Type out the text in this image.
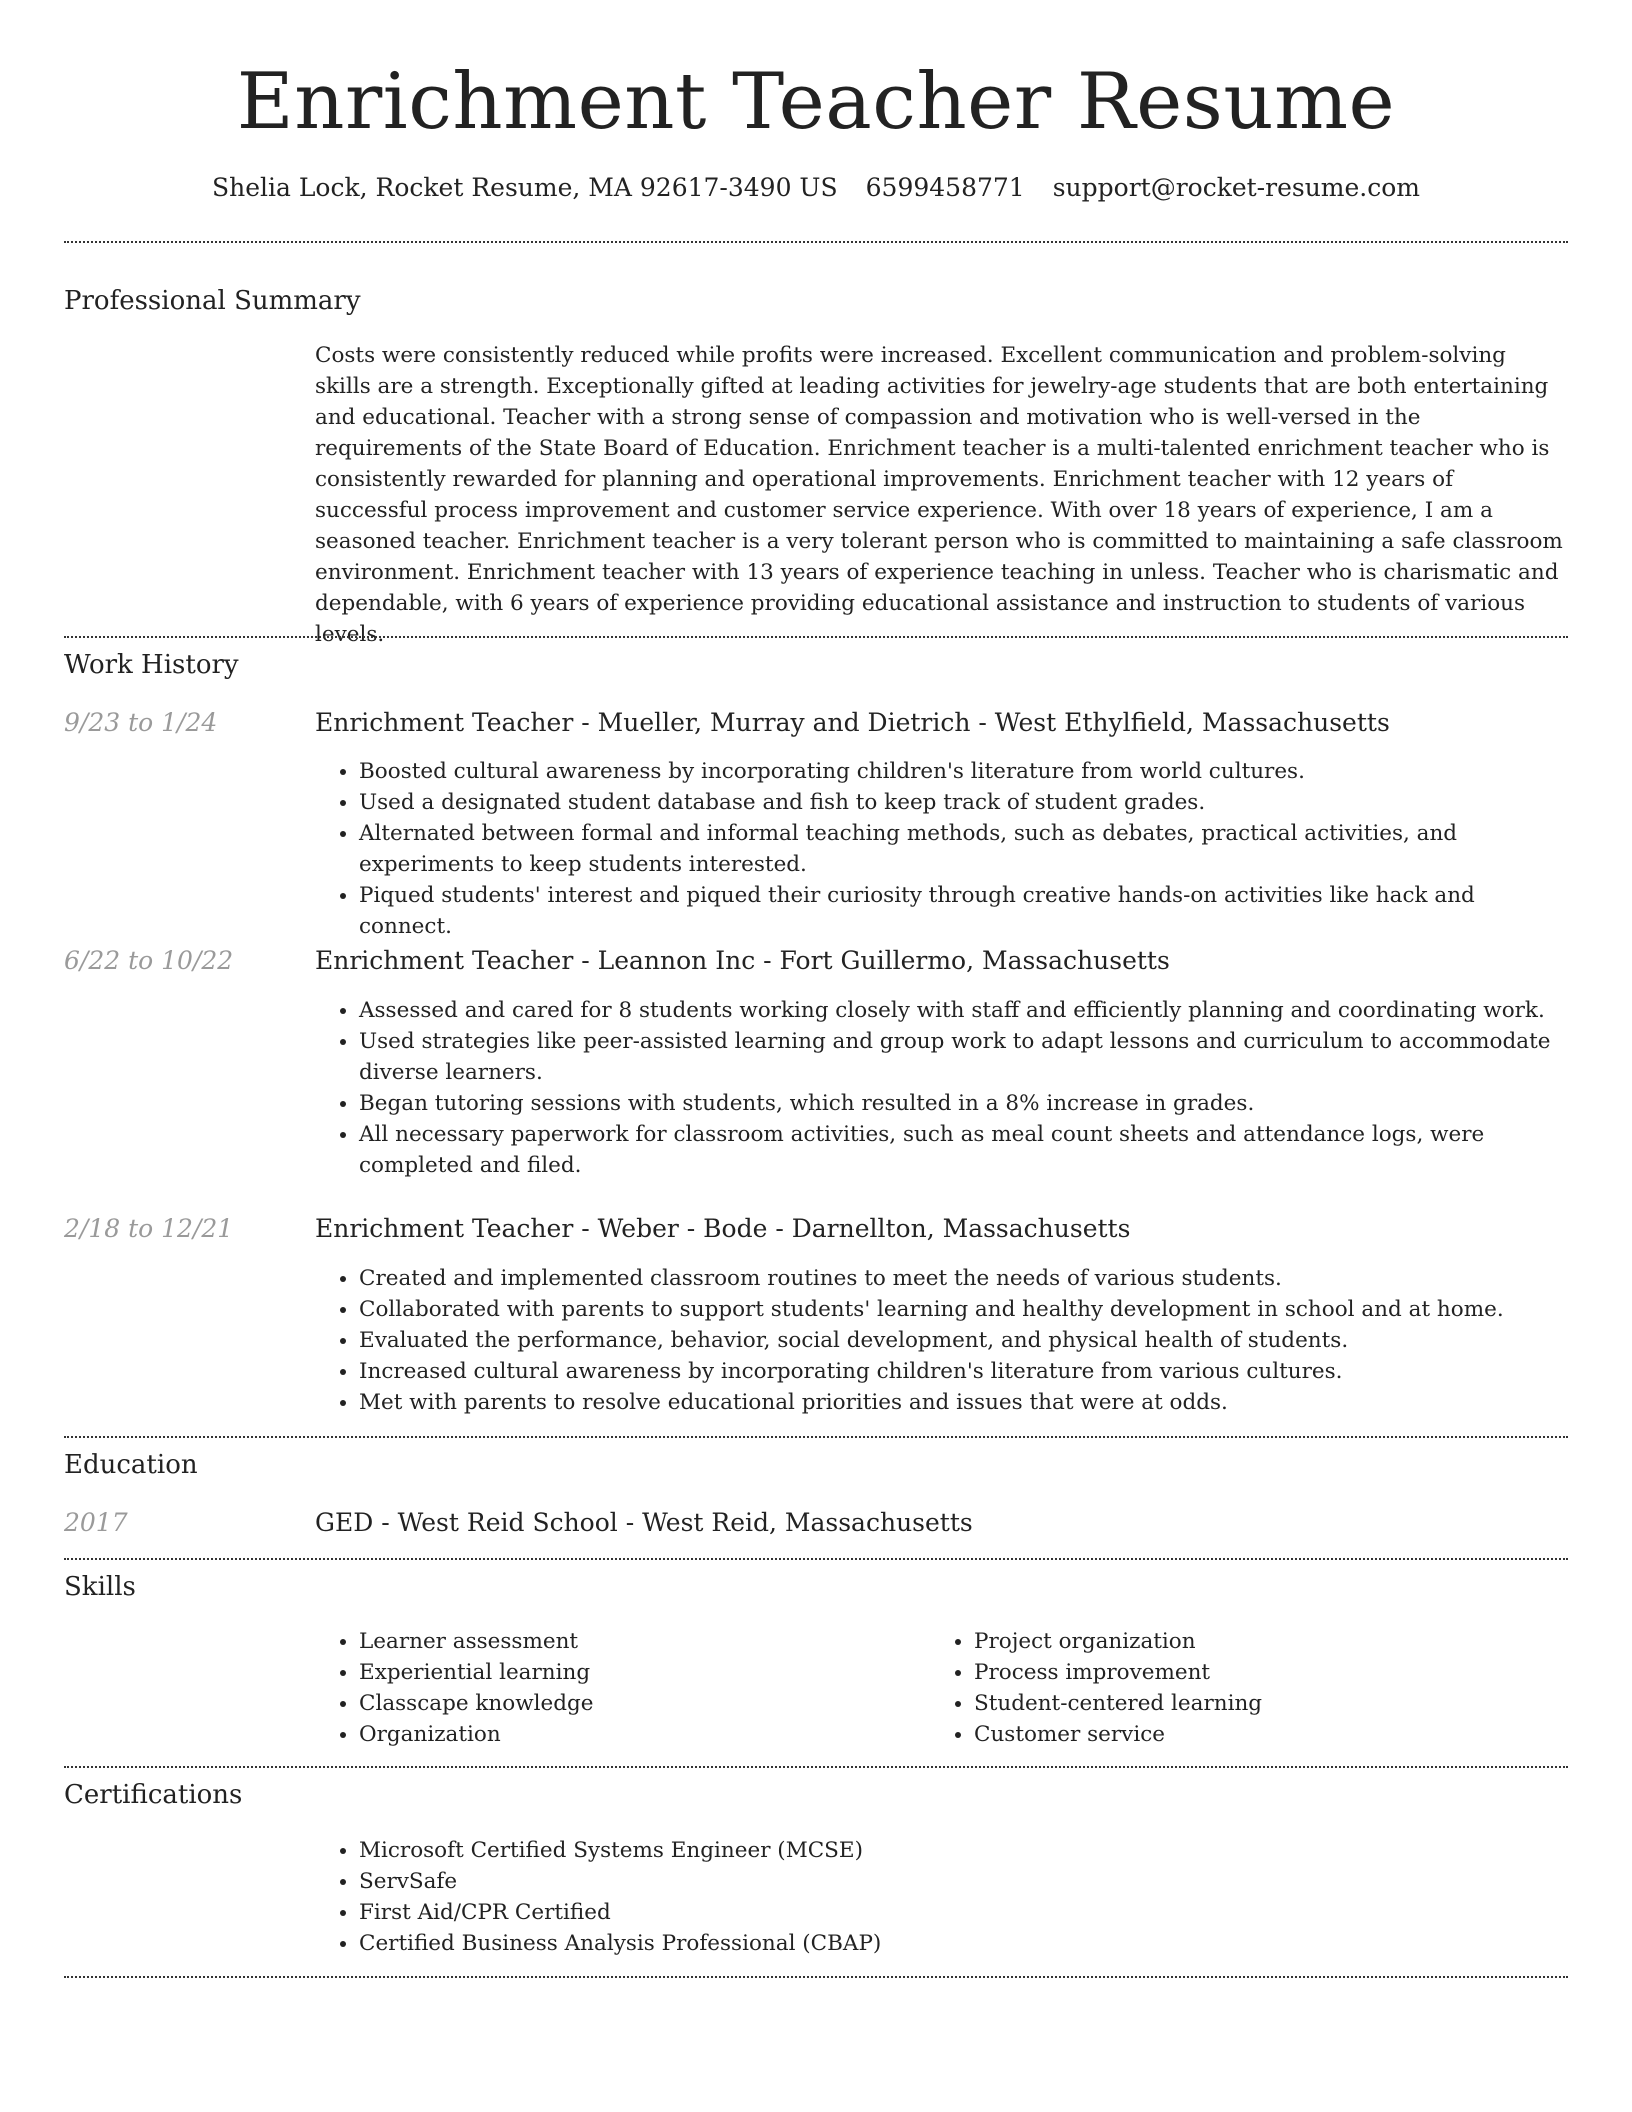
Enrichment Teacher Resume
Shelia Lock, Rocket Resume, MA 92617-3490 US 6599458771 support@rocket-resume.com
Professional Summary
Costs were consistently reduced while profits were increased. Excellent communication and problem-solving skills are a strength. Exceptionally gifted at leading activities for jewelry-age students that are both entertaining and educational. Teacher with a strong sense of compassion and motivation who is well-versed in the requirements of the State Board of Education. Enrichment teacher is a multi-talented enrichment teacher who is consistently rewarded for planning and operational improvements. Enrichment teacher with 12 years of successful process improvement and customer service experience. With over 18 years of experience, I am a seasoned teacher. Enrichment teacher is a very tolerant person who is committed to maintaining a safe classroom environment. Enrichment teacher with 13 years of experience teaching in unless. Teacher who is charismatic and dependable, with 6 years of experience providing educational assistance and instruction to students of various levels.
Work History
9/23 to 1/24	Enrichment Teacher - Mueller, Murray and Dietrich - West Ethylfield, Massachusetts
• Boosted cultural awareness by incorporating children's literature from world cultures.
• Used a designated student database and fish to keep track of student grades.
• Alternated between formal and informal teaching methods, such as debates, practical activities, and experiments to keep students interested.
• Piqued students' interest and piqued their curiosity through creative hands-on activities like hack and connect.
6/22 to 10/22	Enrichment Teacher - Leannon Inc - Fort Guillermo, Massachusetts
• Assessed and cared for 8 students working closely with staff and efficiently planning and coordinating work.
• Used strategies like peer-assisted learning and group work to adapt lessons and curriculum to accommodate diverse learners.
• Began tutoring sessions with students, which resulted in a 8% increase in grades.
• All necessary paperwork for classroom activities, such as meal count sheets and attendance logs, were completed and filed.
2/18 to 12/21	Enrichment Teacher - Weber - Bode - Darnellton, Massachusetts
• Created and implemented classroom routines to meet the needs of various students.
• Collaborated with parents to support students' learning and healthy development in school and at home.
• Evaluated the performance, behavior, social development, and physical health of students.
• Increased cultural awareness by incorporating children's literature from various cultures.
• Met with parents to resolve educational priorities and issues that were at odds.
Education
2017	GED - West Reid School - West Reid, Massachusetts
Skills
• Learner assessment
• Experiential learning
• Classcape knowledge
• Organization
• Project organization
• Process improvement
• Student-centered learning
• Customer service
Certifications
• Microsoft Certified Systems Engineer (MCSE)
• ServSafe
• First Aid/CPR Certified
• Certified Business Analysis Professional (CBAP)
